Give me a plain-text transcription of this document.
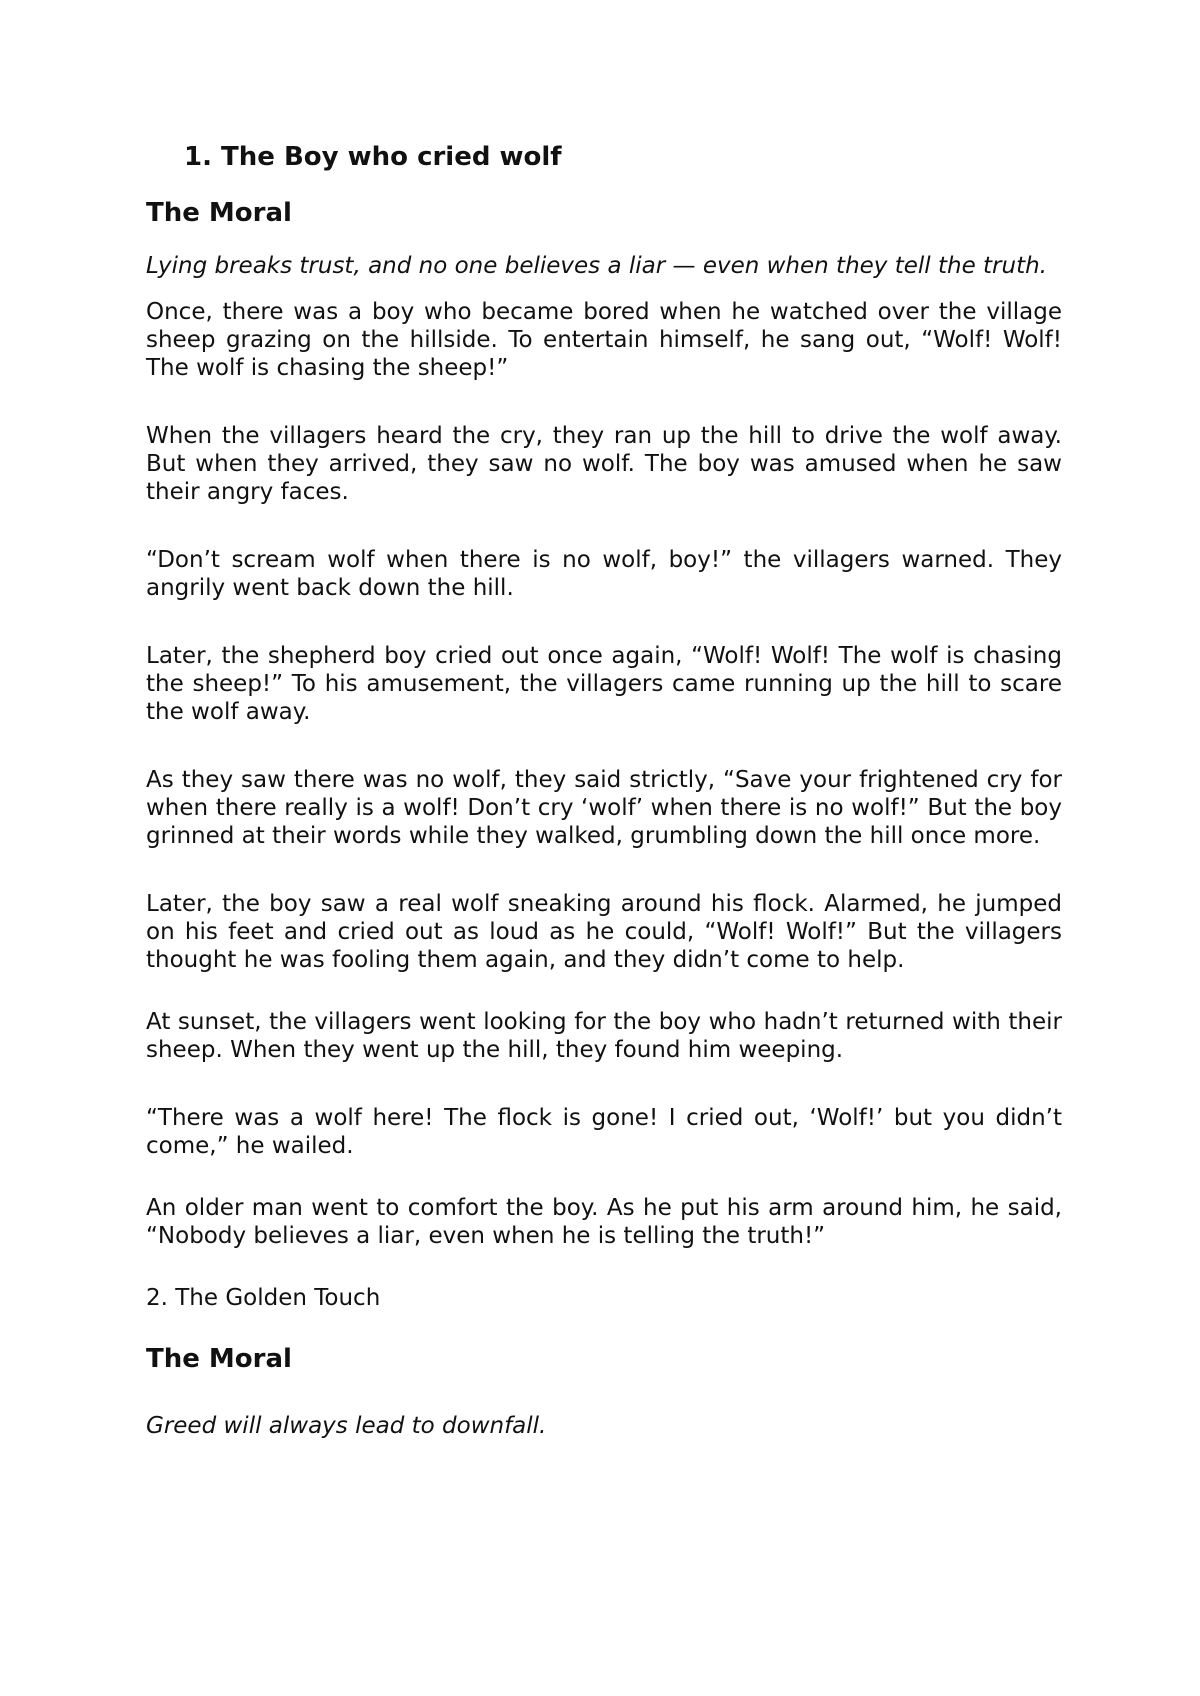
1. The Boy who cried wolf
The Moral
Lying breaks trust, and no one believes a liar — even when they tell the truth.
Once, there was a boy who became bored when he watched over the village sheep grazing on the hillside. To entertain himself, he sang out, “Wolf! Wolf! The wolf is chasing the sheep!”
When the villagers heard the cry, they ran up the hill to drive the wolf away. But when they arrived, they saw no wolf. The boy was amused when he saw their angry faces.
“Don’t scream wolf when there is no wolf, boy!” the villagers warned. They angrily went back down the hill.
Later, the shepherd boy cried out once again, “Wolf! Wolf! The wolf is chasing the sheep!” To his amusement, the villagers came running up the hill to scare the wolf away.
As they saw there was no wolf, they said strictly, “Save your frightened cry for when there really is a wolf! Don’t cry ‘wolf’ when there is no wolf!” But the boy grinned at their words while they walked, grumbling down the hill once more.
Later, the boy saw a real wolf sneaking around his flock. Alarmed, he jumped on his feet and cried out as loud as he could, “Wolf! Wolf!” But the villagers thought he was fooling them again, and they didn’t come to help.
At sunset, the villagers went looking for the boy who hadn’t returned with their sheep. When they went up the hill, they found him weeping.
“There was a wolf here! The flock is gone! I cried out, ‘Wolf!’ but you didn’t come,” he wailed.
An older man went to comfort the boy. As he put his arm around him, he said, “Nobody believes a liar, even when he is telling the truth!”
2. The Golden Touch
The Moral
Greed will always lead to downfall.
